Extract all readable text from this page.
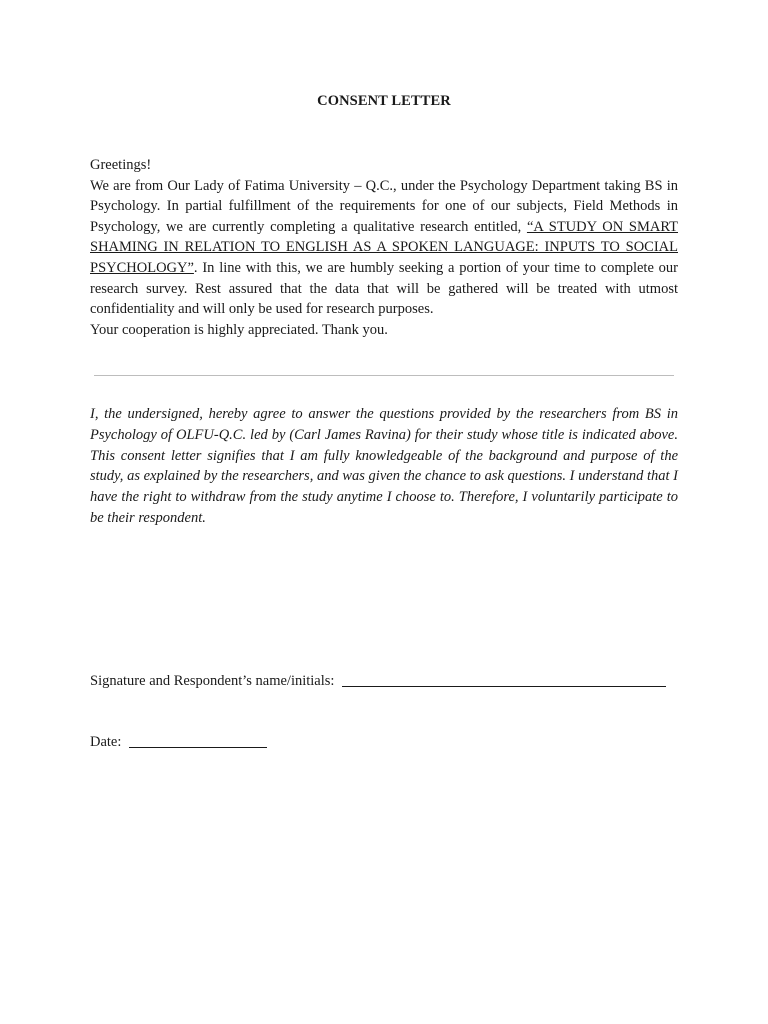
CONSENT LETTER

Greetings!

We are from Our Lady of Fatima University – Q.C., under the Psychology Department taking BS in Psychology. In partial fulfillment of the requirements for one of our subjects, Field Methods in Psychology, we are currently completing a qualitative research entitled, “A STUDY ON SMART SHAMING IN RELATION TO ENGLISH AS A SPOKEN LANGUAGE: INPUTS TO SOCIAL PSYCHOLOGY”. In line with this, we are humbly seeking a portion of your time to complete our research survey. Rest assured that the data that will be gathered will be treated with utmost confidentiality and will only be used for research purposes.

Your cooperation is highly appreciated. Thank you.

I, the undersigned, hereby agree to answer the questions provided by the researchers from BS in Psychology of OLFU-Q.C. led by (Carl James Ravina) for their study whose title is indicated above. This consent letter signifies that I am fully knowledgeable of the background and purpose of the study, as explained by the researchers, and was given the chance to ask questions. I understand that I have the right to withdraw from the study anytime I choose to. Therefore, I voluntarily participate to be their respondent.

Signature and Respondent’s name/initials:
Date:
